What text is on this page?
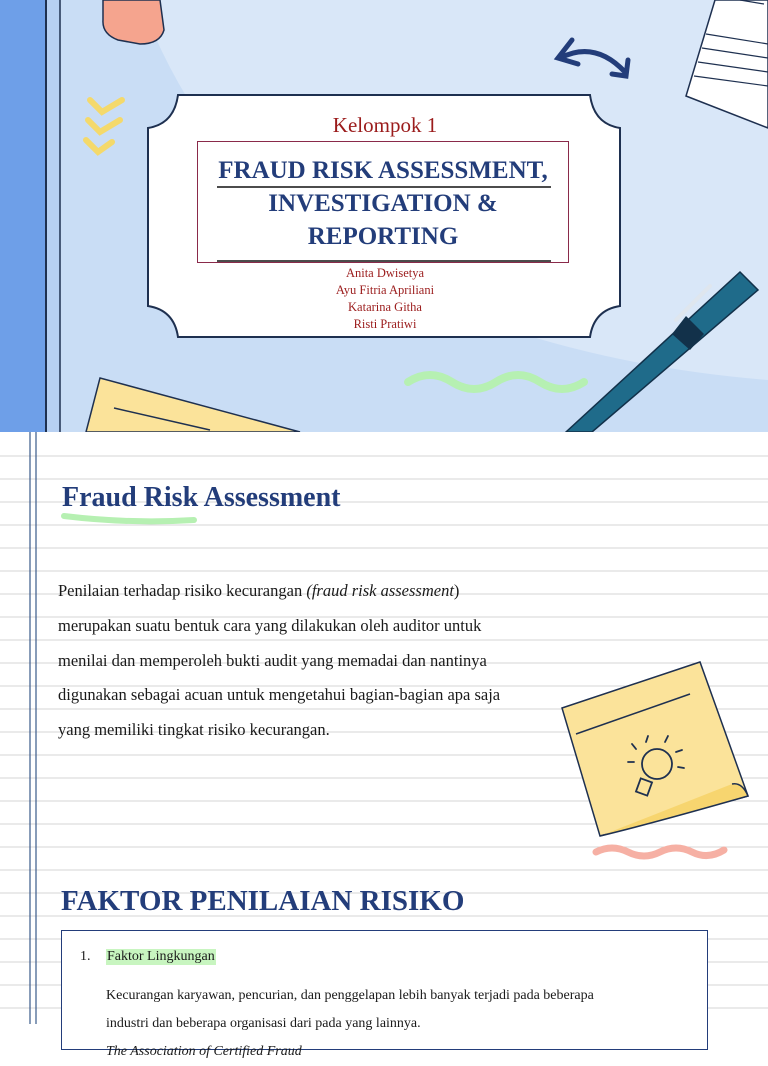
Kelompok 1
FRAUD RISK ASSESSMENT,
INVESTIGATION &
REPORTING
Anita Dwisetya
Ayu Fitria Apriliani
Katarina Githa
Risti Pratiwi
Fraud Risk Assessment
Penilaian terhadap risiko kecurangan (fraud risk assessment)
merupakan suatu bentuk cara yang dilakukan oleh auditor untuk
menilai dan memperoleh bukti audit yang memadai dan nantinya
digunakan sebagai acuan untuk mengetahui bagian-bagian apa saja
yang memiliki tingkat risiko kecurangan.
FAKTOR PENILAIAN RISIKO
1. Faktor Lingkungan
Kecurangan karyawan, pencurian, dan penggelapan lebih banyak terjadi pada beberapa
industri dan beberapa organisasi dari pada yang lainnya.
The Association of Certified Fraud
